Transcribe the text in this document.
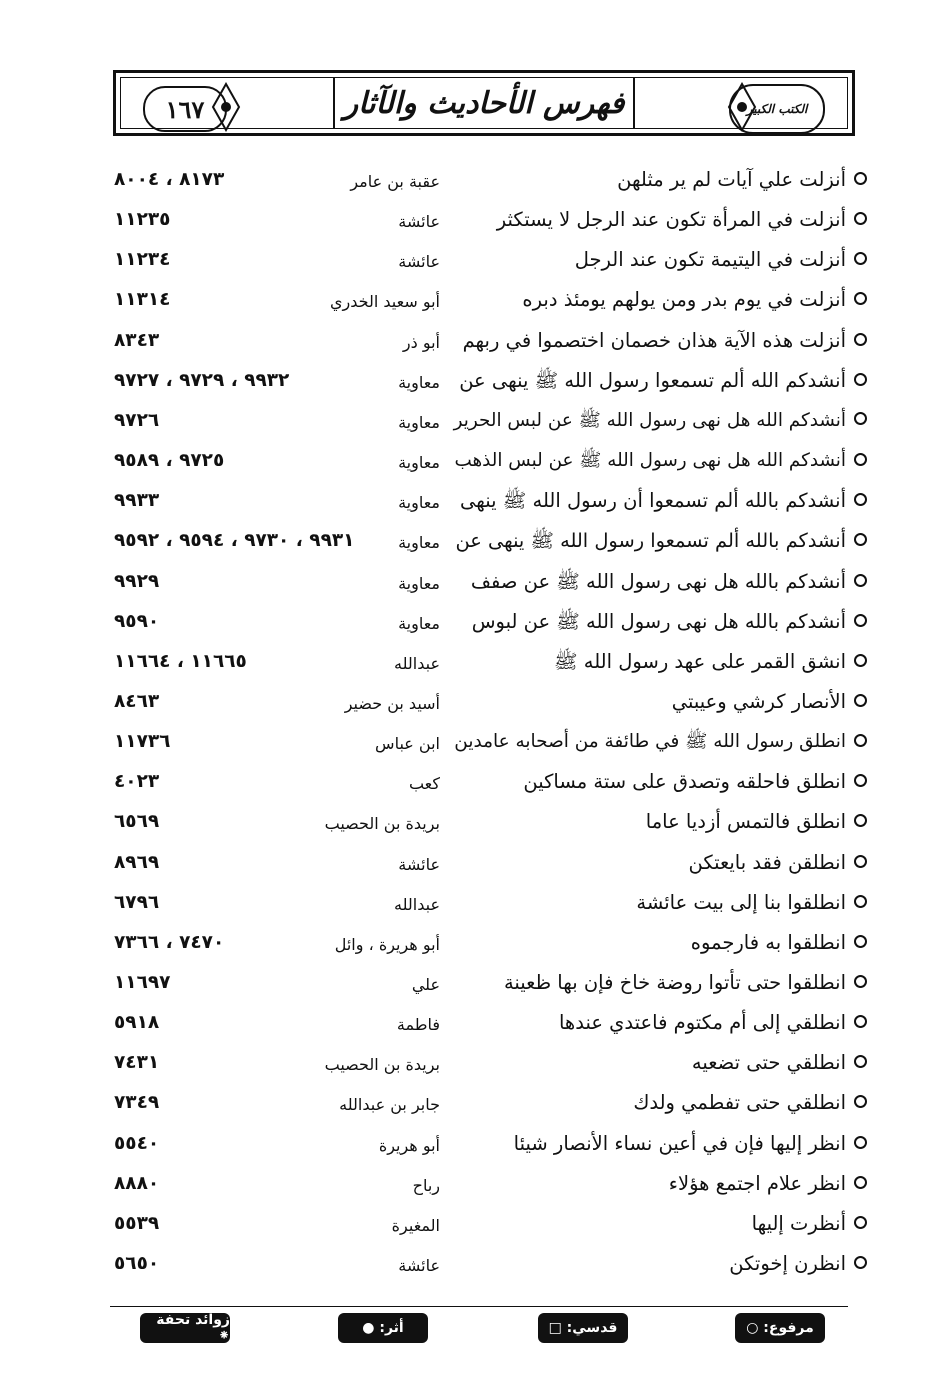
١٦٧	فهرس الأحاديث والآثار	الكتب الكبير
أنزلت علي آيات لم ير مثلهن
عقبة بن عامر
٨١٧٣ ، ٨٠٠٤
أنزلت في المرأة تكون عند الرجل لا يستكثر
عائشة
١١٢٣٥
أنزلت في اليتيمة تكون عند الرجل
عائشة
١١٢٣٤
أنزلت في يوم بدر ومن يولهم يومئذ دبره
أبو سعيد الخدري
١١٣١٤
أنزلت هذه الآية هذان خصمان اختصموا في ربهم
أبو ذر
٨٣٤٣
أنشدكم الله ألم تسمعوا رسول الله ﷺ ينهى عن
معاوية
٩٩٣٢ ، ٩٧٢٩ ، ٩٧٢٧
أنشدكم الله هل نهى رسول الله ﷺ عن لبس الحرير
معاوية
٩٧٢٦
أنشدكم الله هل نهى رسول الله ﷺ عن لبس الذهب
معاوية
٩٧٢٥ ، ٩٥٨٩
أنشدكم بالله ألم تسمعوا أن رسول الله ﷺ ينهى
معاوية
٩٩٣٣
أنشدكم بالله ألم تسمعوا رسول الله ﷺ ينهى عن
معاوية
٩٩٣١ ، ٩٧٣٠ ، ٩٥٩٤ ، ٩٥٩٢
أنشدكم بالله هل نهى رسول الله ﷺ عن صفف
معاوية
٩٩٢٩
أنشدكم بالله هل نهى رسول الله ﷺ عن لبوس
معاوية
٩٥٩٠
انشق القمر على عهد رسول الله ﷺ
عبدالله
١١٦٦٥ ، ١١٦٦٤
الأنصار كرشي وعيبتي
أسيد بن حضير
٨٤٦٣
انطلق رسول الله ﷺ في طائفة من أصحابه عامدين
ابن عباس
١١٧٣٦
انطلق فاحلقه وتصدق على ستة مساكين
كعب
٤٠٢٣
انطلق فالتمس أزديا عاما
بريدة بن الحصيب
٦٥٦٩
انطلقن فقد بايعتكن
عائشة
٨٩٦٩
انطلقوا بنا إلى بيت عائشة
عبدالله
٦٧٩٦
انطلقوا به فارجموه
أبو هريرة ، وائل
٧٤٧٠ ، ٧٣٦٦
انطلقوا حتى تأتوا روضة خاخ فإن بها ظعينة
علي
١١٦٩٧
انطلقي إلى أم مكتوم فاعتدي عندها
فاطمة
٥٩١٨
انطلقي حتى تضعيه
بريدة بن الحصيب
٧٤٣١
انطلقي حتى تفطمي ولدك
جابر بن عبدالله
٧٣٤٩
انظر إليها فإن في أعين نساء الأنصار شيئا
أبو هريرة
٥٥٤٠
انظر علام اجتمع هؤلاء
رباح
٨٨٨٠
أنظرت إليها
المغيرة
٥٥٣٩
انظرن إخوتكن
عائشة
٥٦٥٠
مرفوع: ○
قدسي: □
أثر: ●
زوائد تحفة ⁕
